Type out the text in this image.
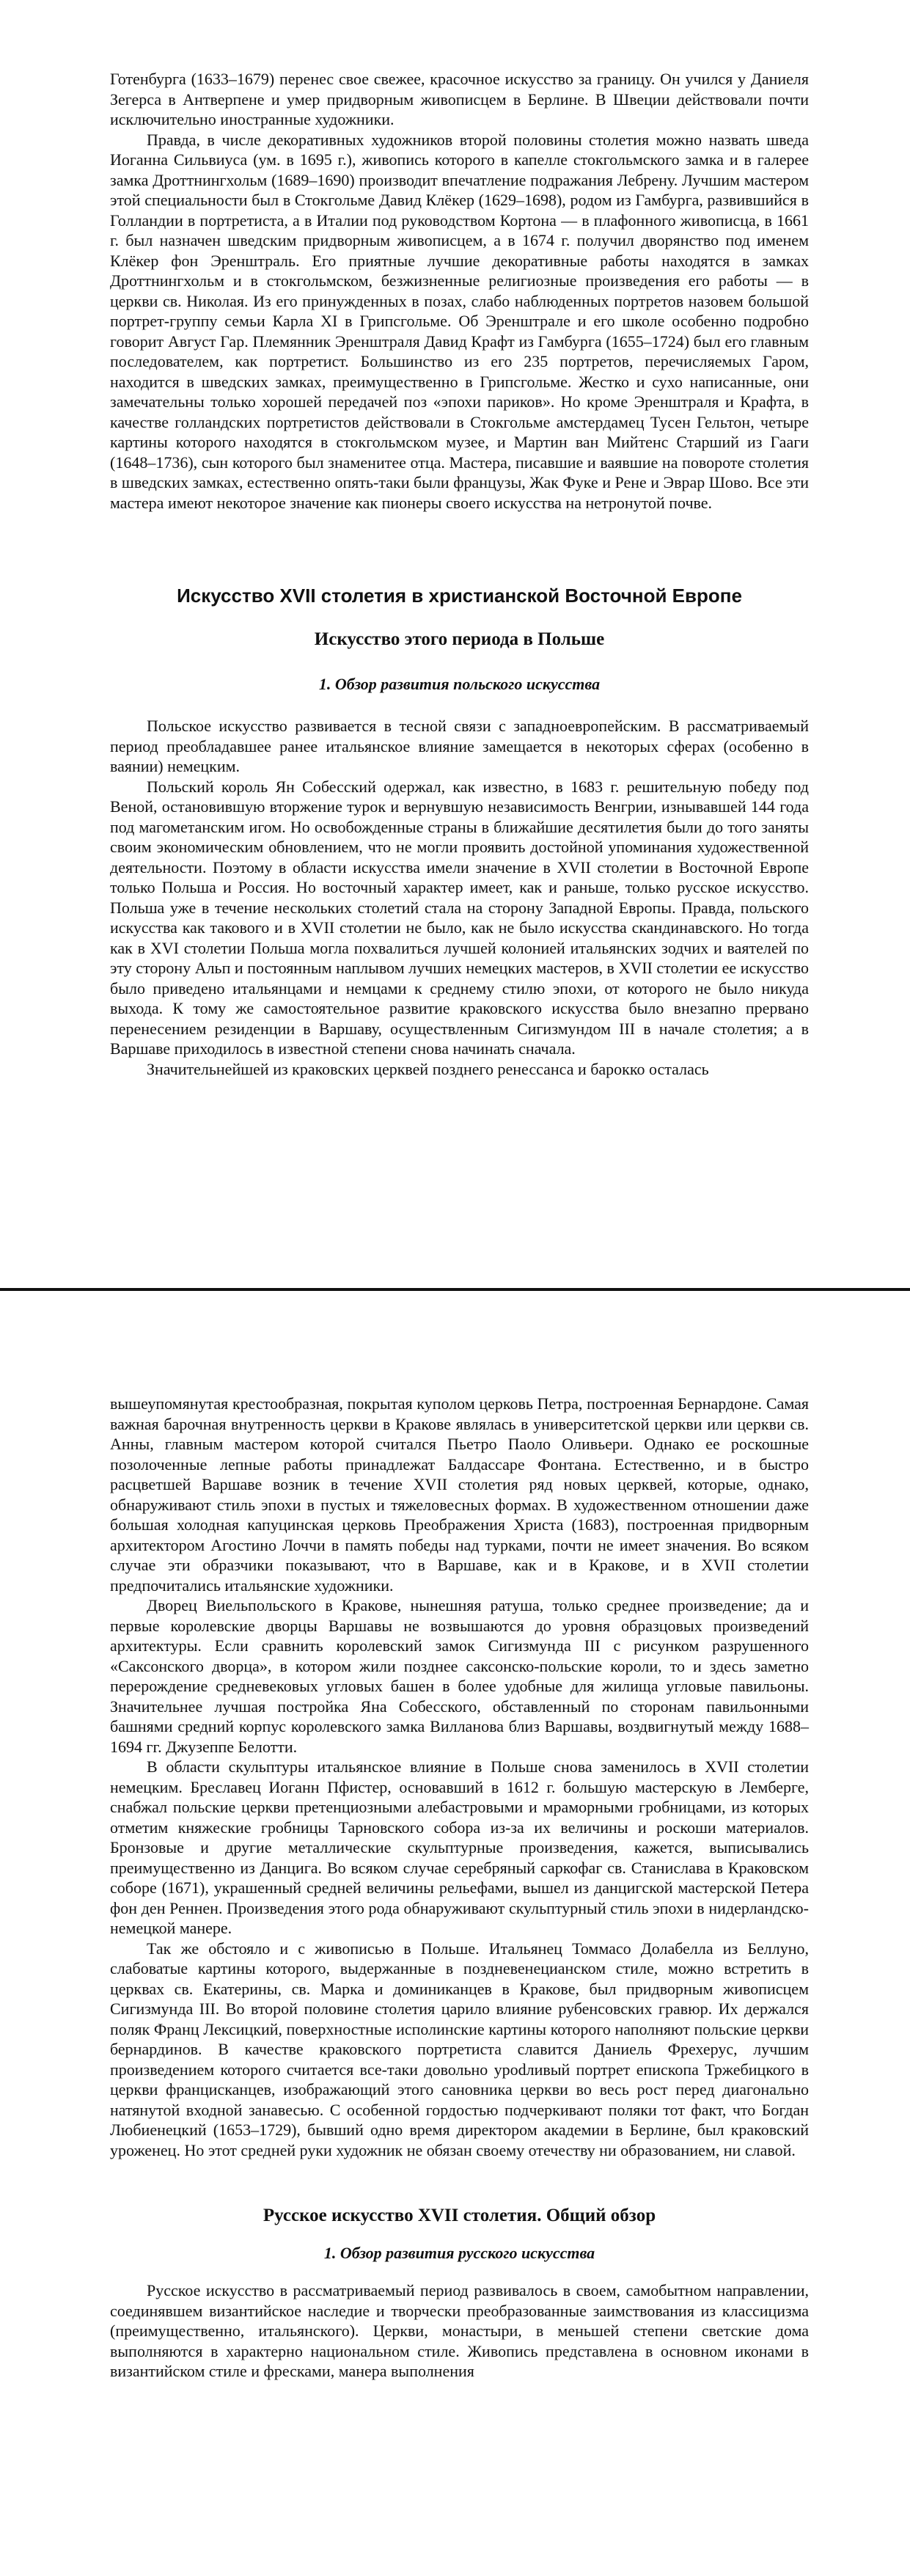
Готенбурга (1633–1679) перенес свое свежее, красочное искусство за границу. Он учился у Даниеля Зегерса в Антверпене и умер придворным живописцем в Берлине. В Швеции действовали почти исключительно иностранные художники.

Правда, в числе декоративных художников второй половины столетия можно назвать шведа Иоганна Сильвиуса (ум. в 1695 г.), живопись которого в капелле стокгольмского замка и в галерее замка Дроттнингхольм (1689–1690) производит впечатление подражания Лебрену. Лучшим мастером этой специальности был в Стокгольме Давид Клёкер (1629–1698), родом из Гамбурга, развившийся в Голландии в портретиста, а в Италии под руководством Кортона — в плафонного живописца, в 1661 г. был назначен шведским придворным живописцем, а в 1674 г. получил дворянство под именем Клёкер фон Эренштраль. Его приятные лучшие декоративные работы находятся в замках Дроттнингхольм и в стокгольмском, безжизненные религиозные произведения его работы — в церкви св. Николая. Из его принужденных в позах, слабо наблюденных портретов назовем большой портрет-группу семьи Карла XI в Грипсгольме. Об Эренштрале и его школе особенно подробно говорит Август Гар. Племянник Эренштраля Давид Крафт из Гамбурга (1655–1724) был его главным последователем, как портретист. Большинство из его 235 портретов, перечисляемых Гаром, находится в шведских замках, преимущественно в Грипсгольме. Жестко и сухо написанные, они замечательны только хорошей передачей поз «эпохи париков». Но кроме Эренштраля и Крафта, в качестве голландских портретистов действовали в Стокгольме амстердамец Тусен Гельтон, четыре картины которого находятся в стокгольмском музее, и Мартин ван Мийтенс Старший из Гааги (1648–1736), сын которого был знаменитее отца. Мастера, писавшие и ваявшие на повороте столетия в шведских замках, естественно опять-таки были французы, Жак Фуке и Рене и Эврар Шово. Все эти мастера имеют некоторое значение как пионеры своего искусства на нетронутой почве.

Искусство XVII столетия в христианской Восточной Европе
Искусство этого периода в Польше
1. Обзор развития польского искусства

Польское искусство развивается в тесной связи с западноевропейским. В рассматриваемый период преобладавшее ранее итальянское влияние замещается в некоторых сферах (особенно в ваянии) немецким.

Польский король Ян Собесский одержал, как известно, в 1683 г. решительную победу под Веной, остановившую вторжение турок и вернувшую независимость Венгрии, изнывавшей 144 года под магометанским игом. Но освобожденные страны в ближайшие десятилетия были до того заняты своим экономическим обновлением, что не могли проявить достойной упоминания художественной деятельности. Поэтому в области искусства имели значение в XVII столетии в Восточной Европе только Польша и Россия. Но восточный характер имеет, как и раньше, только русское искусство. Польша уже в течение нескольких столетий стала на сторону Западной Европы. Правда, польского искусства как такового и в XVII столетии не было, как не было искусства скандинавского. Но тогда как в XVI столетии Польша могла похвалиться лучшей колонией итальянских зодчих и ваятелей по эту сторону Альп и постоянным наплывом лучших немецких мастеров, в XVII столетии ее искусство было приведено итальянцами и немцами к среднему стилю эпохи, от которого не было никуда выхода. К тому же самостоятельное развитие краковского искусства было внезапно прервано перенесением резиденции в Варшаву, осуществленным Сигизмундом III в начале столетия; а в Варшаве приходилось в известной степени снова начинать сначала.

Значительнейшей из краковских церквей позднего ренессанса и барокко осталась

вышеупомянутая крестообразная, покрытая куполом церковь Петра, построенная Бернардоне. Самая важная барочная внутренность церкви в Кракове являлась в университетской церкви или церкви св. Анны, главным мастером которой считался Пьетро Паоло Оливьери. Однако ее роскошные позолоченные лепные работы принадлежат Балдассаре Фонтана. Естественно, и в быстро расцветшей Варшаве возник в течение XVII столетия ряд новых церквей, которые, однако, обнаруживают стиль эпохи в пустых и тяжеловесных формах. В художественном отношении даже большая холодная капуцинская церковь Преображения Христа (1683), построенная придворным архитектором Агостино Лоччи в память победы над турками, почти не имеет значения. Во всяком случае эти образчики показывают, что в Варшаве, как и в Кракове, и в XVII столетии предпочитались итальянские художники.

Дворец Виельпольского в Кракове, нынешняя ратуша, только среднее произведение; да и первые королевские дворцы Варшавы не возвышаются до уровня образцовых произведений архитектуры. Если сравнить королевский замок Сигизмунда III с рисунком разрушенного «Саксонского дворца», в котором жили позднее саксонско-польские короли, то и здесь заметно перерождение средневековых угловых башен в более удобные для жилища угловые павильоны. Значительнее лучшая постройка Яна Собесского, обставленный по сторонам павильонными башнями средний корпус королевского замка Вилланова близ Варшавы, воздвигнутый между 1688–1694 гг. Джузеппе Белотти.

В области скульптуры итальянское влияние в Польше снова заменилось в XVII столетии немецким. Бреславец Иоганн Пфистер, основавший в 1612 г. большую мастерскую в Лемберге, снабжал польские церкви претенциозными алебастровыми и мраморными гробницами, из которых отметим княжеские гробницы Тарновского собора из-за их величины и роскоши материалов. Бронзовые и другие металлические скульптурные произведения, кажется, выписывались преимущественно из Данцига. Во всяком случае серебряный саркофаг св. Станислава в Краковском соборе (1671), украшенный средней величины рельефами, вышел из данцигской мастерской Петера фон ден Реннен. Произведения этого рода обнаруживают скульптурный стиль эпохи в нидерландско-немецкой манере.

Так же обстояло и с живописью в Польше. Итальянец Томмасо Долабелла из Беллуно, слабоватые картины которого, выдержанные в поздневенецианском стиле, можно встретить в церквах св. Екатерины, св. Марка и доминиканцев в Кракове, был придворным живописцем Сигизмунда III. Во второй половине столетия царило влияние рубенсовских гравюр. Их держался поляк Франц Лексицкий, поверхностные исполинские картины которого наполняют польские церкви бернардинов. В качестве краковского портретиста славится Даниель Фрехерус, лучшим произведением которого считается все-таки довольно урodливый портрет епископа Тржебицкого в церкви францисканцев, изображающий этого сановника церкви во весь рост перед диагонально натянутой входной занавесью. С особенной гордостью подчеркивают поляки тот факт, что Богдан Любиенецкий (1653–1729), бывший одно время директором академии в Берлине, был краковский уроженец. Но этот средней руки художник не обязан своему отечеству ни образованием, ни славой.

Русское искусство XVII столетия. Общий обзор
1. Обзор развития русского искусства

Русское искусство в рассматриваемый период развивалось в своем, самобытном направлении, соединявшем византийское наследие и творчески преобразованные заимствования из классицизма (преимущественно, итальянского). Церкви, монастыри, в меньшей степени светские дома выполняются в характерно национальном стиле. Живопись представлена в основном иконами в византийском стиле и фресками, манера выполнения
